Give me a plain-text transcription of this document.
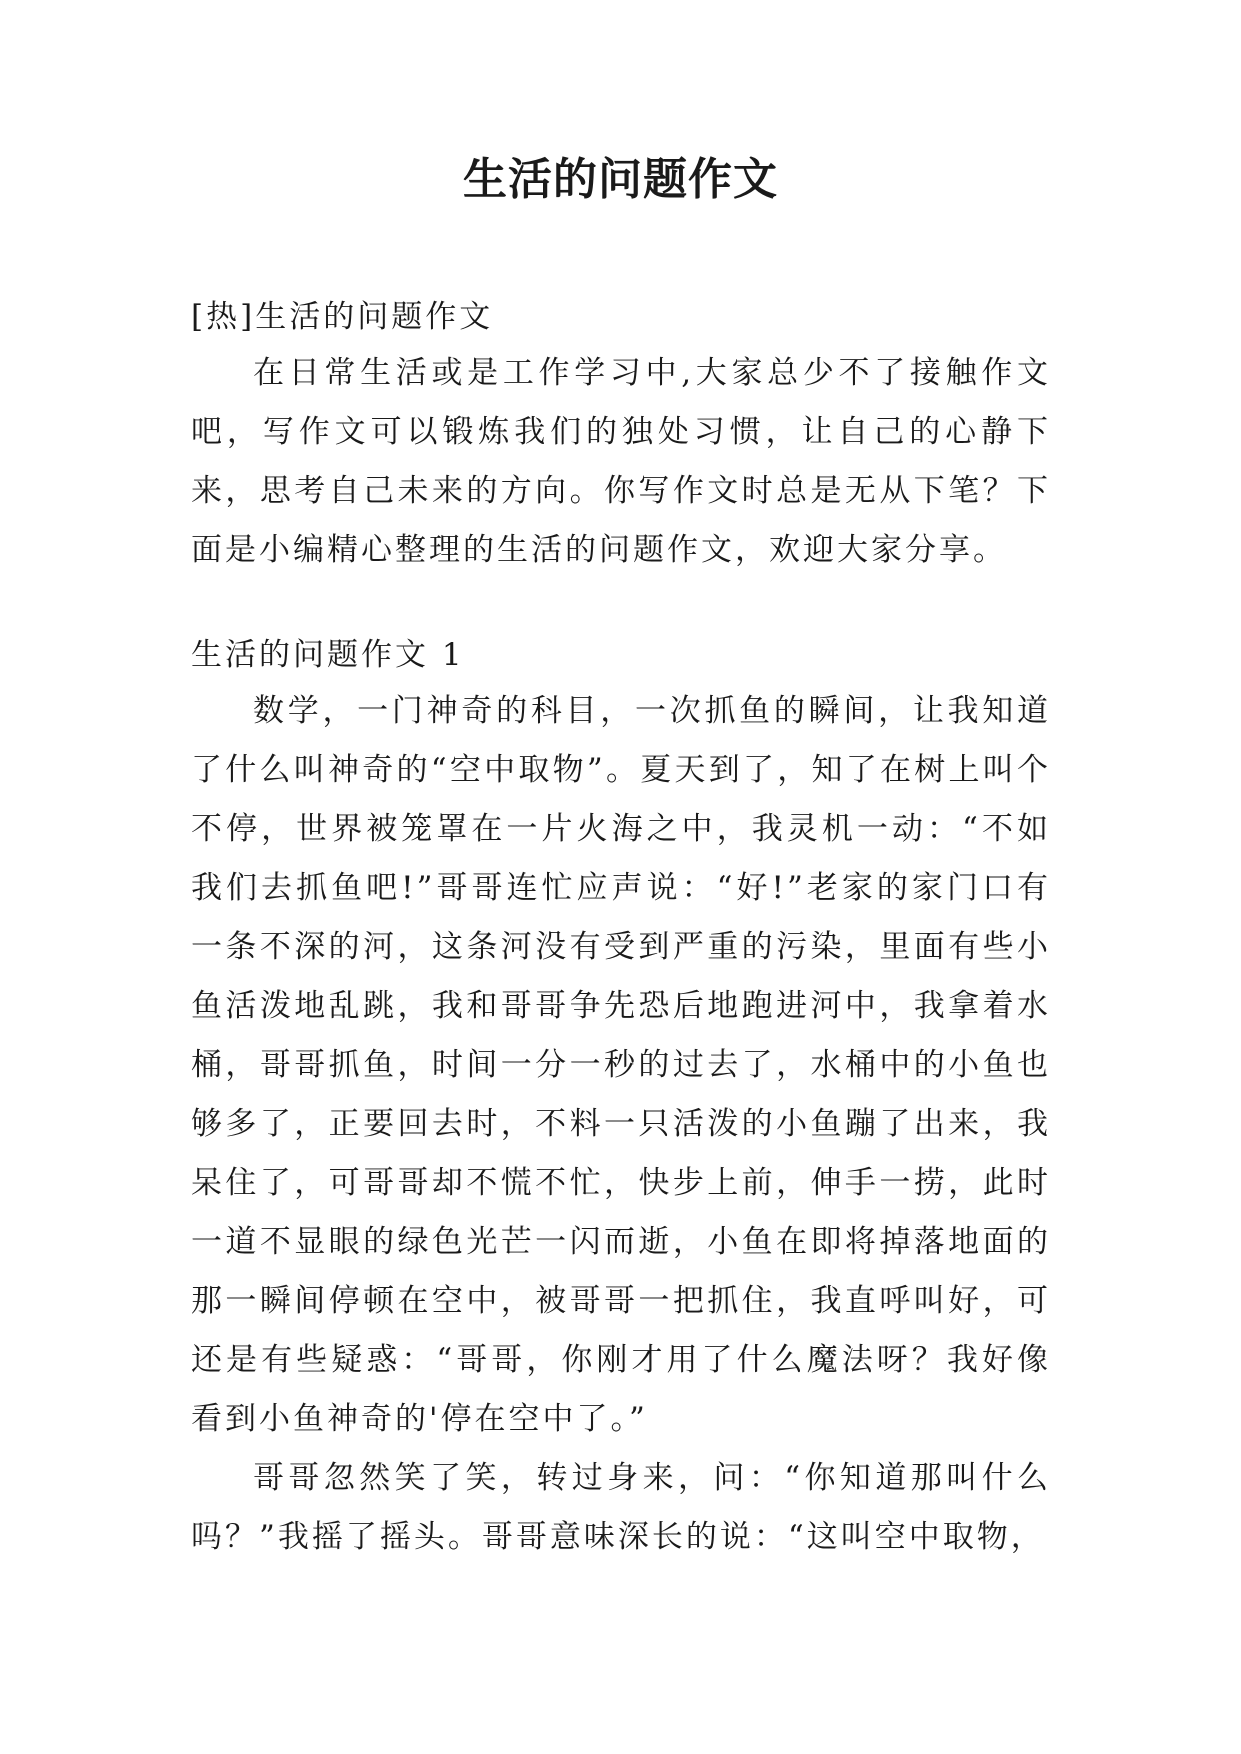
生活的问题作文

[热]生活的问题作文

在日常生活或是工作学习中,大家总少不了接触作文吧，写作文可以锻炼我们的独处习惯，让自己的心静下来，思考自己未来的方向。你写作文时总是无从下笔？下面是小编精心整理的生活的问题作文，欢迎大家分享。

生活的问题作文 1

数学，一门神奇的科目，一次抓鱼的瞬间，让我知道了什么叫神奇的“空中取物”。夏天到了，知了在树上叫个不停，世界被笼罩在一片火海之中，我灵机一动：“不如我们去抓鱼吧!”哥哥连忙应声说：“好!”老家的家门口有一条不深的河，这条河没有受到严重的污染，里面有些小鱼活泼地乱跳，我和哥哥争先恐后地跑进河中，我拿着水桶，哥哥抓鱼，时间一分一秒的过去了，水桶中的小鱼也够多了，正要回去时，不料一只活泼的小鱼蹦了出来，我呆住了，可哥哥却不慌不忙，快步上前，伸手一捞，此时一道不显眼的绿色光芒一闪而逝，小鱼在即将掉落地面的那一瞬间停顿在空中，被哥哥一把抓住，我直呼叫好，可还是有些疑惑：“哥哥，你刚才用了什么魔法呀？我好像看到小鱼神奇的'停在空中了。”

哥哥忽然笑了笑，转过身来，问：“你知道那叫什么吗？”我摇了摇头。哥哥意味深长的说：“这叫空中取物，
